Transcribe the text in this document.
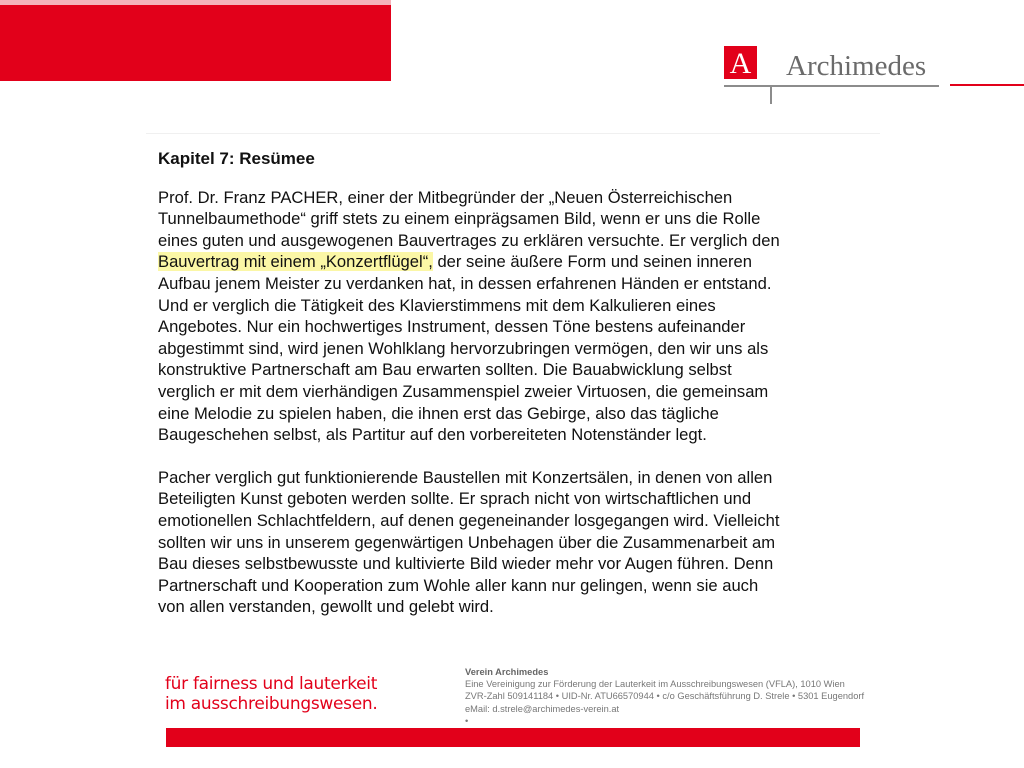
A Archimedes
Kapitel 7: Resümee
Prof. Dr. Franz PACHER, einer der Mitbegründer der „Neuen Österreichischen
Tunnelbaumethode“ griff stets zu einem einprägsamen Bild, wenn er uns die Rolle
eines guten und ausgewogenen Bauvertrages zu erklären versuchte. Er verglich den
Bauvertrag mit einem „Konzertflügel“, der seine äußere Form und seinen inneren
Aufbau jenem Meister zu verdanken hat, in dessen erfahrenen Händen er entstand.
Und er verglich die Tätigkeit des Klavierstimmens mit dem Kalkulieren eines
Angebotes. Nur ein hochwertiges Instrument, dessen Töne bestens aufeinander
abgestimmt sind, wird jenen Wohlklang hervorzubringen vermögen, den wir uns als
konstruktive Partnerschaft am Bau erwarten sollten. Die Bauabwicklung selbst
verglich er mit dem vierhändigen Zusammenspiel zweier Virtuosen, die gemeinsam
eine Melodie zu spielen haben, die ihnen erst das Gebirge, also das tägliche
Baugeschehen selbst, als Partitur auf den vorbereiteten Notenständer legt.
Pacher verglich gut funktionierende Baustellen mit Konzertsälen, in denen von allen
Beteiligten Kunst geboten werden sollte. Er sprach nicht von wirtschaftlichen und
emotionellen Schlachtfeldern, auf denen gegeneinander losgegangen wird. Vielleicht
sollten wir uns in unserem gegenwärtigen Unbehagen über die Zusammenarbeit am
Bau dieses selbstbewusste und kultivierte Bild wieder mehr vor Augen führen. Denn
Partnerschaft und Kooperation zum Wohle aller kann nur gelingen, wenn sie auch
von allen verstanden, gewollt und gelebt wird.
für fairness und lauterkeit
im ausschreibungswesen.
Verein Archimedes
Eine Vereinigung zur Förderung der Lauterkeit im Ausschreibungswesen (VFLA), 1010 Wien
ZVR-Zahl 509141184 • UID-Nr. ATU66570944 • c/o Geschäftsführung D. Strele • 5301 Eugendorf
eMail: d.strele@archimedes-verein.at
•
